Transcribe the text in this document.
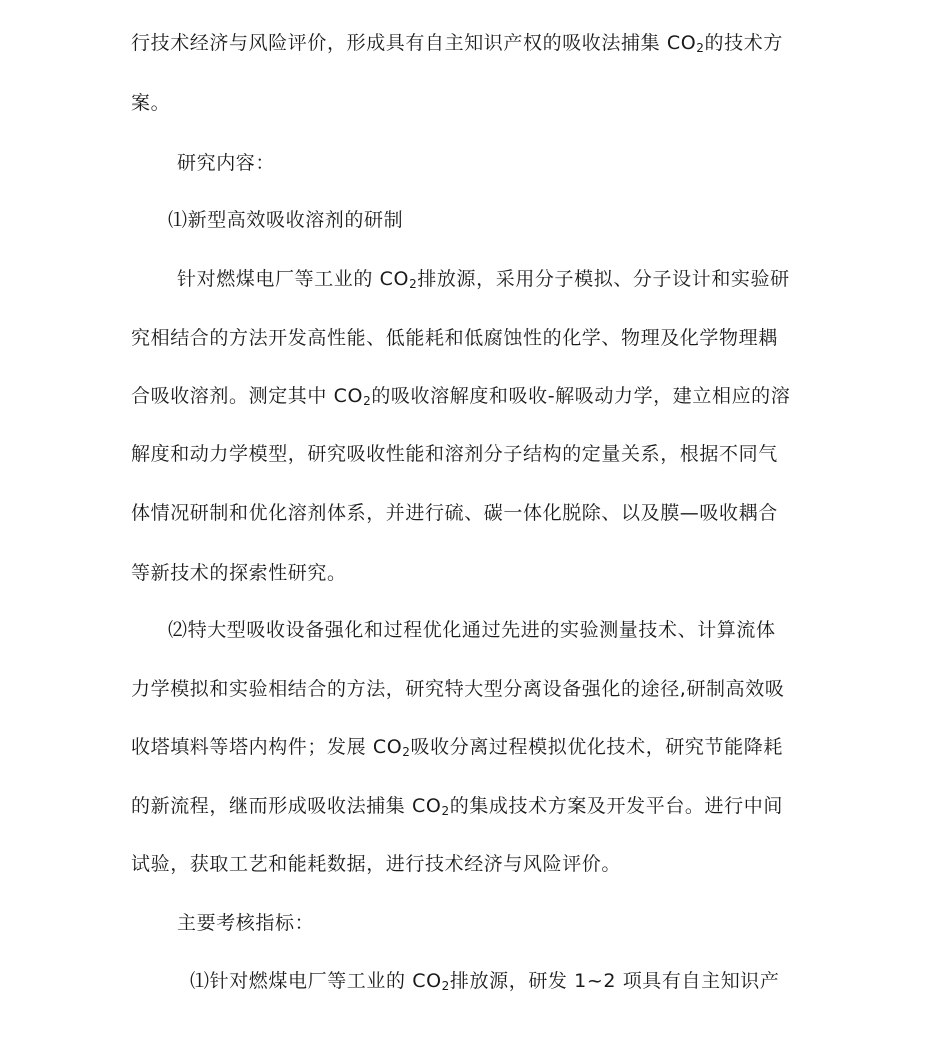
行技术经济与风险评价，形成具有自主知识产权的吸收法捕集 $CO_2$的技术方
案。
研究内容：
⑴新型高效吸收溶剂的研制
针对燃煤电厂等工业的 $CO_2$排放源，采用分子模拟、分子设计和实验研
究相结合的方法开发高性能、低能耗和低腐蚀性的化学、物理及化学物理耦
合吸收溶剂。测定其中 $CO_2$的吸收溶解度和吸收-解吸动力学，建立相应的溶
解度和动力学模型，研究吸收性能和溶剂分子结构的定量关系，根据不同气
体情况研制和优化溶剂体系，并进行硫、碳一体化脱除、以及膜—吸收耦合
等新技术的探索性研究。
⑵特大型吸收设备强化和过程优化通过先进的实验测量技术、计算流体
力学模拟和实验相结合的方法，研究特大型分离设备强化的途径,研制高效吸
收塔填料等塔内构件；发展 $CO_2$吸收分离过程模拟优化技术，研究节能降耗
的新流程，继而形成吸收法捕集 $CO_2$的集成技术方案及开发平台。进行中间
试验，获取工艺和能耗数据，进行技术经济与风险评价。
主要考核指标：
⑴针对燃煤电厂等工业的 $CO_2$排放源，研发 1~2 项具有自主知识产
